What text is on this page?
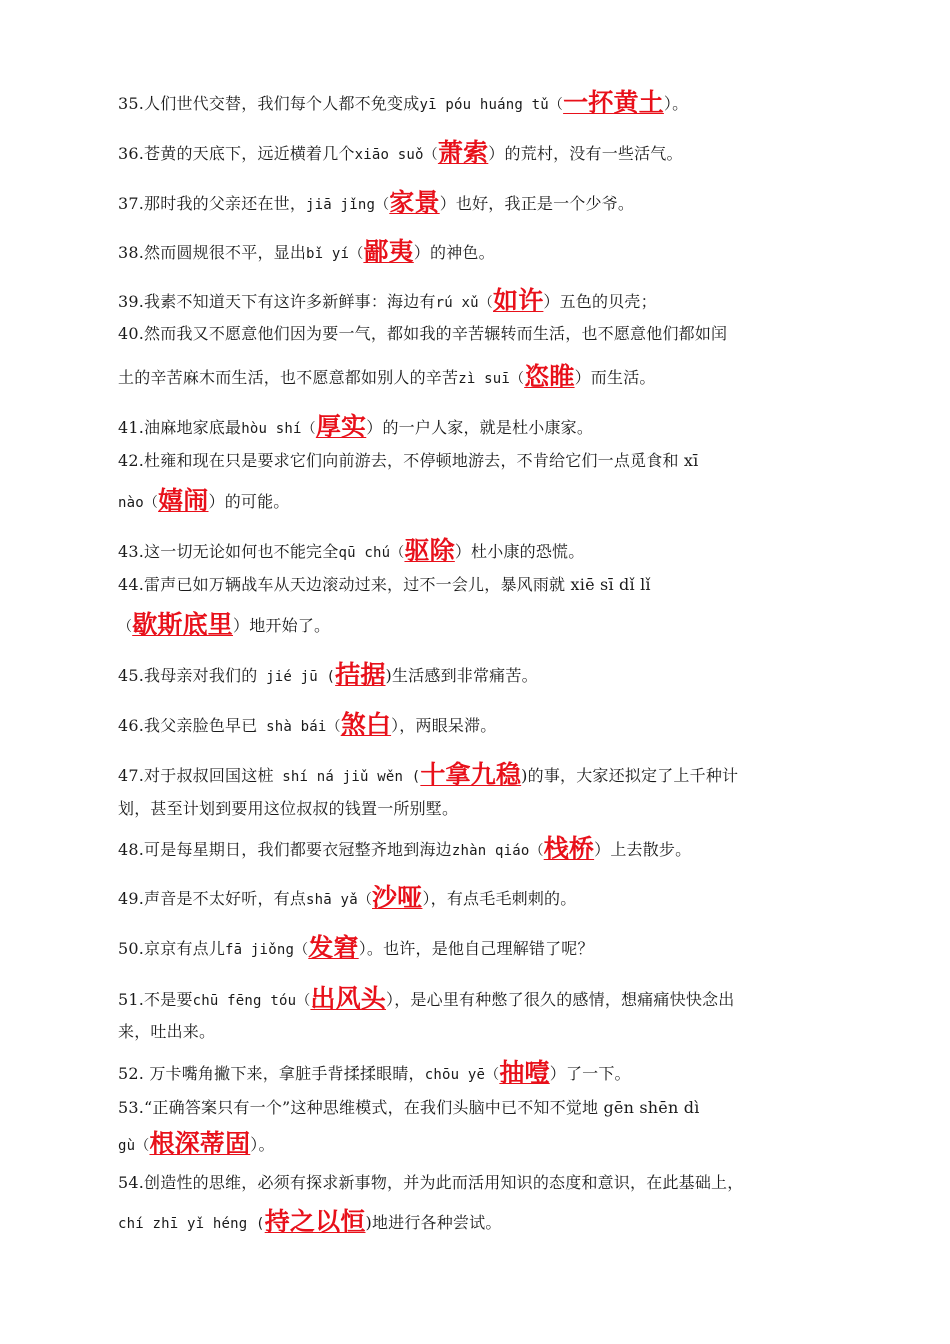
35.人们世代交替，我们每个人都不免变成yī póu huáng tǔ（一抔黄土）。
36.苍黄的天底下，远近横着几个xiāo suǒ（萧索）的荒村，没有一些活气。
37.那时我的父亲还在世，jiā jǐng（家景）也好，我正是一个少爷。
38.然而圆规很不平，显出bǐ yí（鄙夷）的神色。
39.我素不知道天下有这许多新鲜事：海边有rú xǔ（如许）五色的贝壳；
40.然而我又不愿意他们因为要一气，都如我的辛苦辗转而生活，也不愿意他们都如闰
土的辛苦麻木而生活，也不愿意都如别人的辛苦zì suī（恣睢）而生活。
41.油麻地家底最hòu shí（厚实）的一户人家，就是杜小康家。
42.杜雍和现在只是要求它们向前游去，不停顿地游去，不肯给它们一点觅食和 xī
nào（嬉闹）的可能。
43.这一切无论如何也不能完全qū chú（驱除）杜小康的恐慌。
44.雷声已如万辆战车从天边滚动过来，过不一会儿，暴风雨就 xiē sī dǐ lǐ
（歇斯底里）地开始了。
45.我母亲对我们的 jié jū (拮据)生活感到非常痛苦。
46.我父亲脸色早已 shà bái（煞白），两眼呆滞。
47.对于叔叔回国这桩 shí ná jiǔ wěn (十拿九稳)的事，大家还拟定了上千种计
划，甚至计划到要用这位叔叔的钱置一所别墅。
48.可是每星期日，我们都要衣冠整齐地到海边zhàn qiáo（栈桥）上去散步。
49.声音是不太好听，有点shā yǎ（沙哑），有点毛毛刺刺的。
50.京京有点儿fā jiǒng（发窘）。也许，是他自己理解错了呢？
51.不是要chū fēng tóu（出风头），是心里有种憋了很久的感情，想痛痛快快念出
来，吐出来。
52. 万卡嘴角撇下来，拿脏手背揉揉眼睛，chōu yē（抽噎）了一下。
53.“正确答案只有一个”这种思维模式，在我们头脑中已不知不觉地 gēn shēn dì
gù（根深蒂固）。
54.创造性的思维，必须有探求新事物，并为此而活用知识的态度和意识，在此基础上，
chí zhī yǐ héng (持之以恒)地进行各种尝试。
